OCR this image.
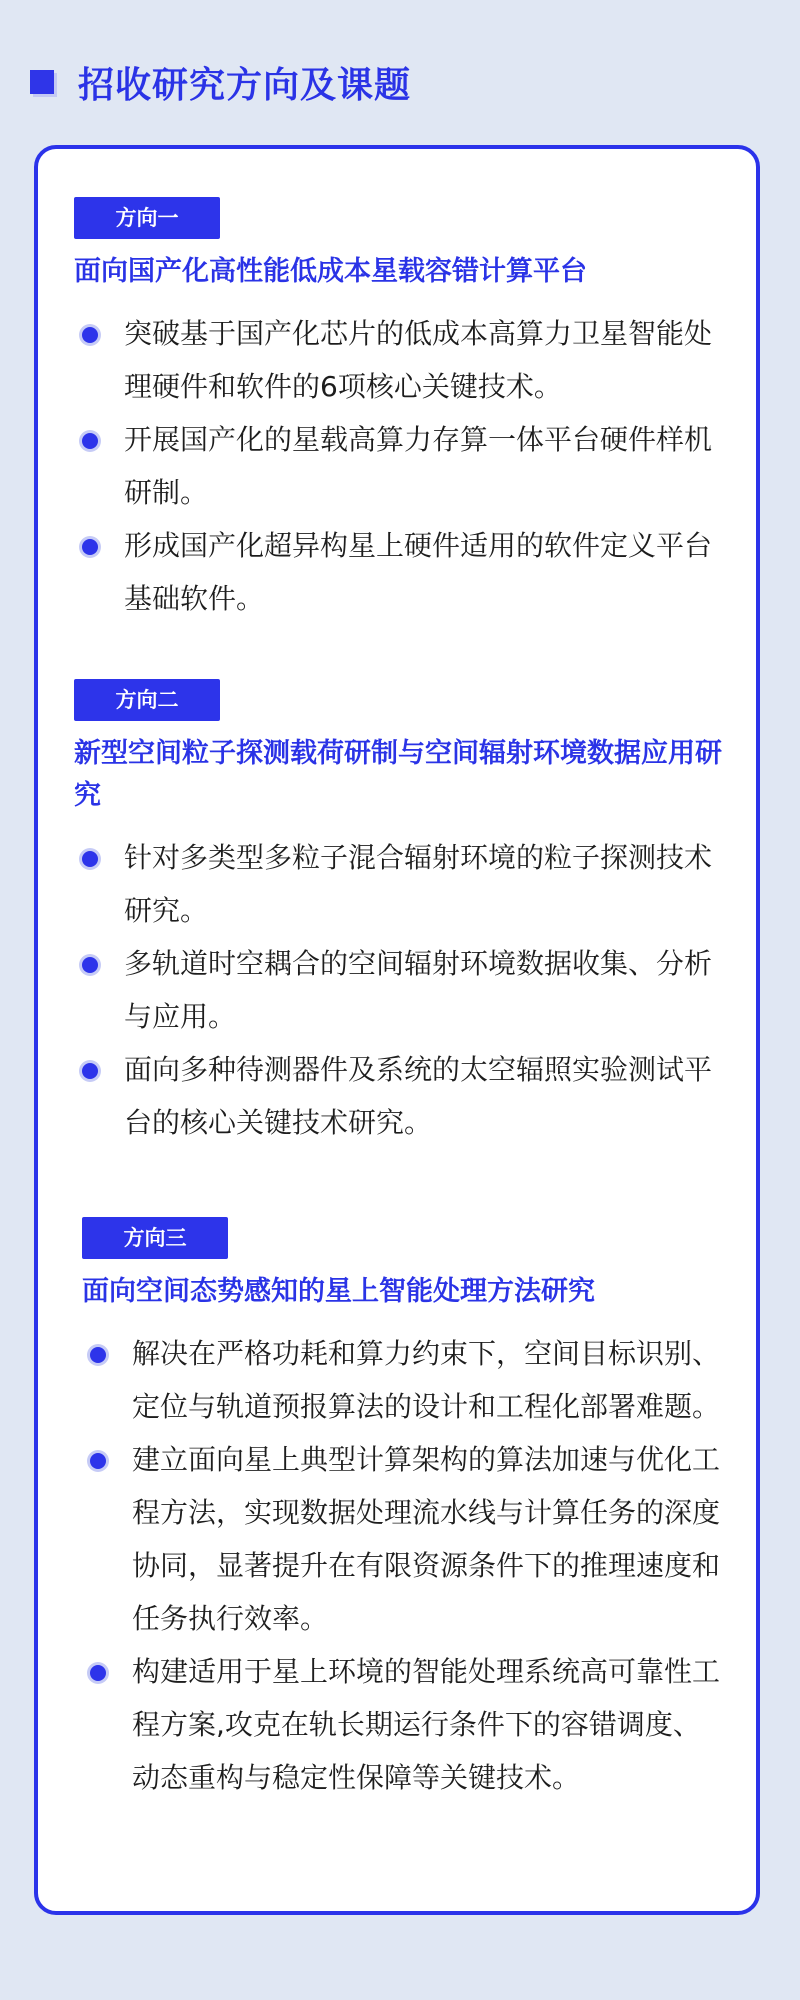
招收研究方向及课题
方向一
面向国产化高性能低成本星载容错计算平台
突破基于国产化芯片的低成本高算力卫星智能处理硬件和软件的6项核心关键技术。
开展国产化的星载高算力存算一体平台硬件样机研制。
形成国产化超异构星上硬件适用的软件定义平台基础软件。
方向二
新型空间粒子探测载荷研制与空间辐射环境数据应用研究
针对多类型多粒子混合辐射环境的粒子探测技术研究。
多轨道时空耦合的空间辐射环境数据收集、分析与应用。
面向多种待测器件及系统的太空辐照实验测试平台的核心关键技术研究。
方向三
面向空间态势感知的星上智能处理方法研究
解决在严格功耗和算力约束下，空间目标识别、定位与轨道预报算法的设计和工程化部署难题。
建立面向星上典型计算架构的算法加速与优化工程方法，实现数据处理流水线与计算任务的深度协同，显著提升在有限资源条件下的推理速度和任务执行效率。
构建适用于星上环境的智能处理系统高可靠性工程方案,攻克在轨长期运行条件下的容错调度、动态重构与稳定性保障等关键技术。
